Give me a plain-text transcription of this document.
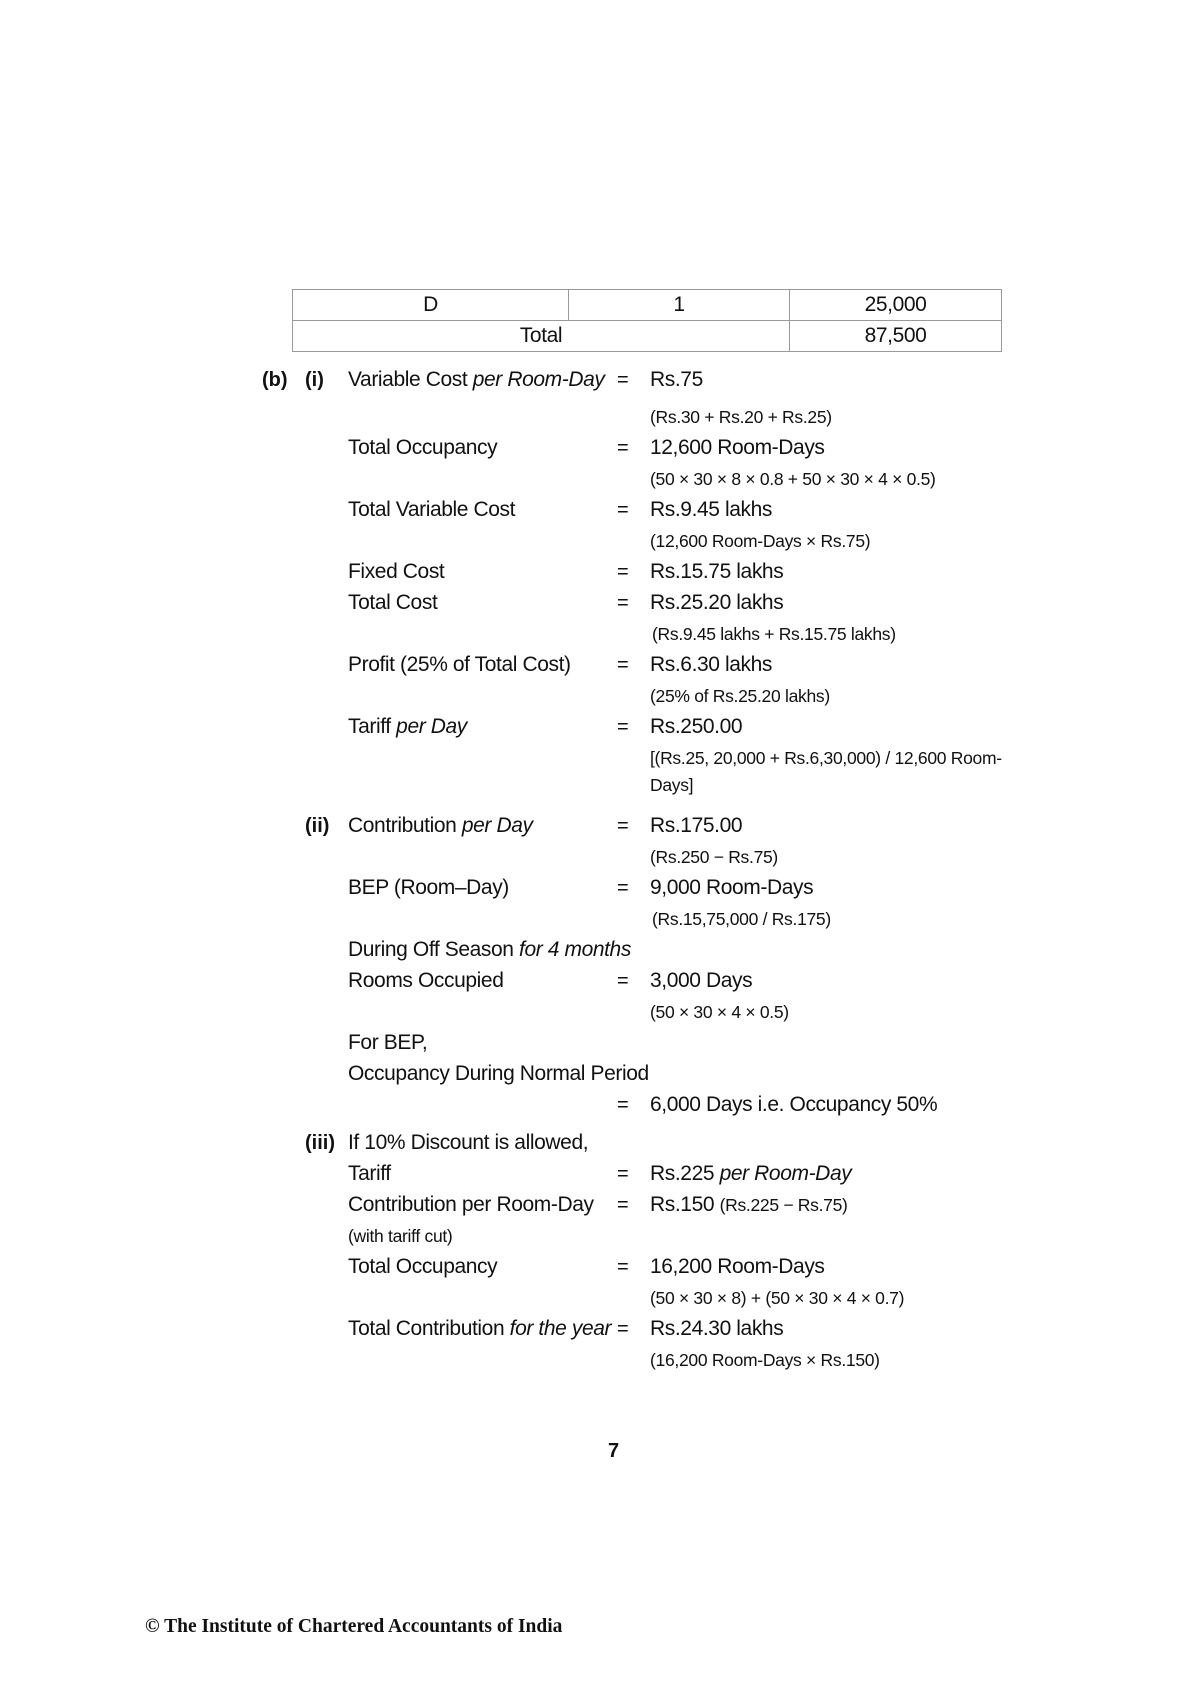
D	1	25,000
Total		87,500
(b) (i) Variable Cost per Room-Day = Rs.75
(Rs.30 + Rs.20 + Rs.25)
Total Occupancy	= 12,600 Room-Days
(50 × 30 × 8 × 0.8 + 50 × 30 × 4 × 0.5)
Total Variable Cost	= Rs.9.45 lakhs
(12,600 Room-Days × Rs.75)
Fixed Cost	= Rs.15.75 lakhs
Total Cost	= Rs.25.20 lakhs
(Rs.9.45 lakhs + Rs.15.75 lakhs)
Profit (25% of Total Cost) = Rs.6.30 lakhs
(25% of Rs.25.20 lakhs)
Tariff per Day	= Rs.250.00
[(Rs.25, 20,000 + Rs.6,30,000) / 12,600 Room-
Days]
(ii) Contribution per Day	= Rs.175.00
(Rs.250 − Rs.75)
BEP (Room–Day)	= 9,000 Room-Days
(Rs.15,75,000 / Rs.175)
During Off Season for 4 months
Rooms Occupied	= 3,000 Days
(50 × 30 × 4 × 0.5)
For BEP,
Occupancy During Normal Period
= 6,000 Days i.e. Occupancy 50%
(iii) If 10% Discount is allowed,
Tariff	= Rs.225 per Room-Day
Contribution per Room-Day = Rs.150 (Rs.225 − Rs.75)
(with tariff cut)
Total Occupancy	= 16,200 Room-Days
(50 × 30 × 8) + (50 × 30 × 4 × 0.7)
Total Contribution for the year = Rs.24.30 lakhs
(16,200 Room-Days × Rs.150)
7
© The Institute of Chartered Accountants of India
